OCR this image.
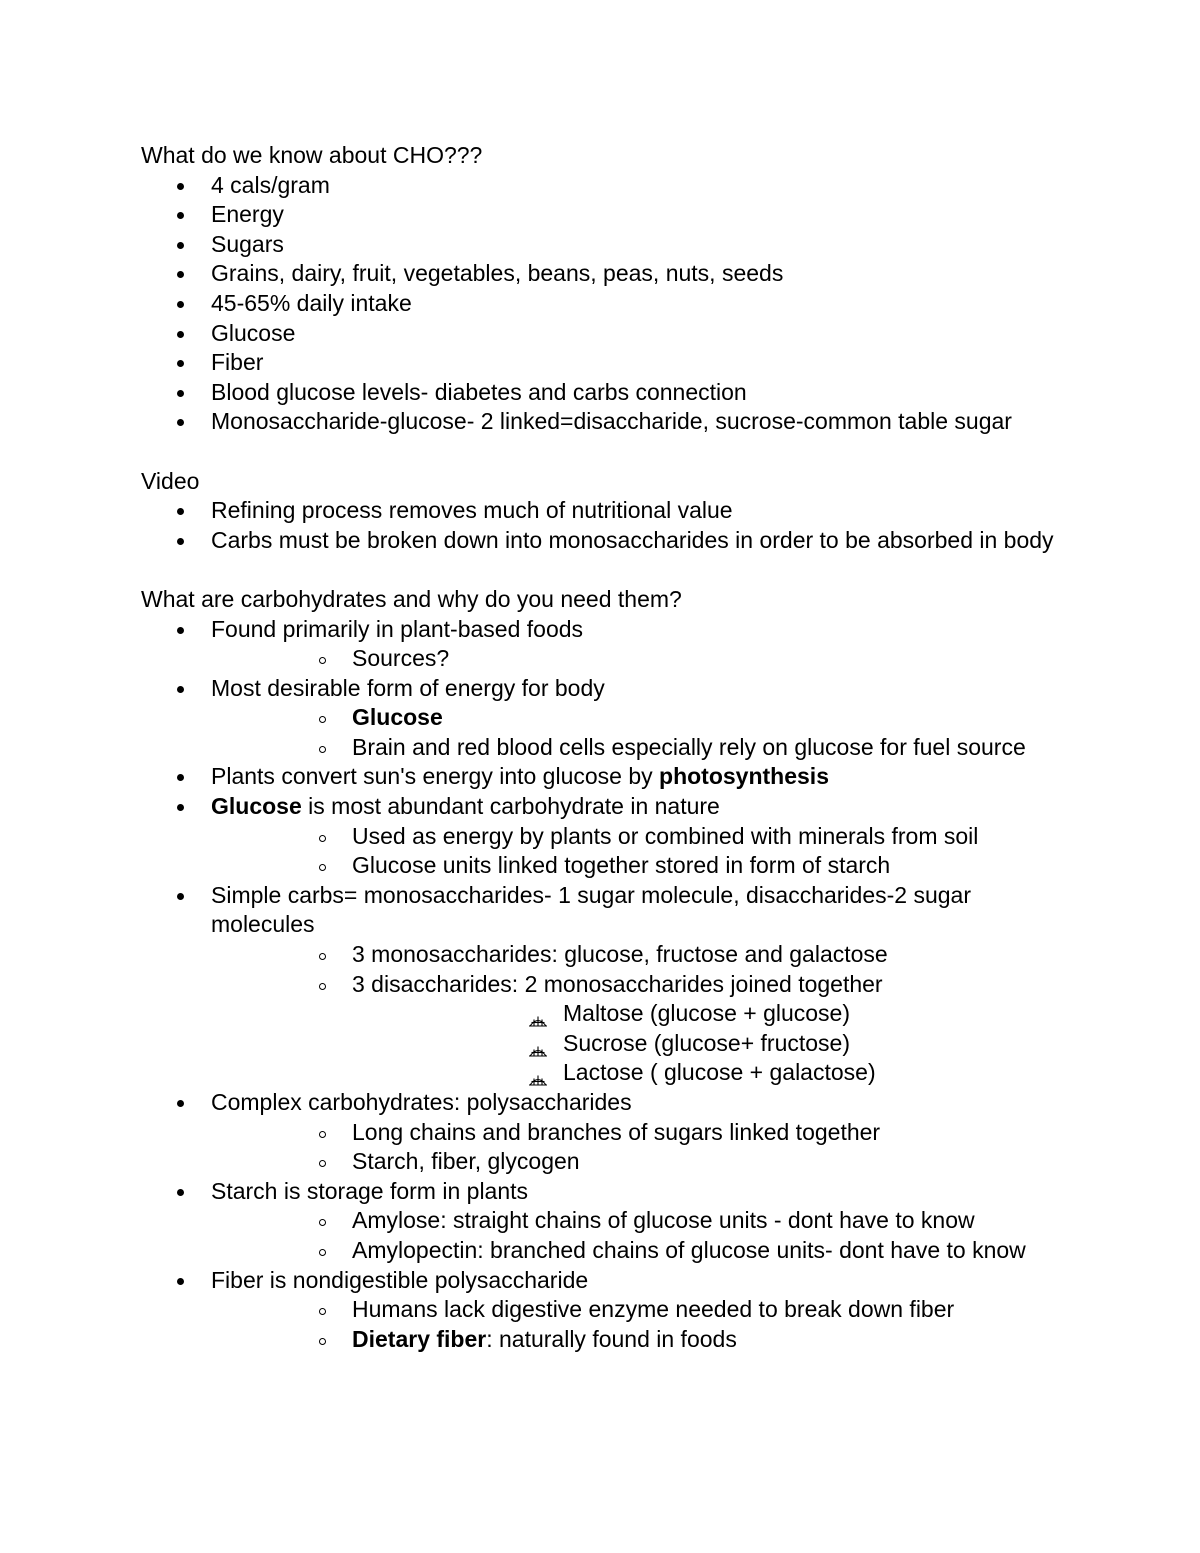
What do we know about CHO???
4 cals/gram
Energy
Sugars
Grains, dairy, fruit, vegetables, beans, peas, nuts, seeds
45-65% daily intake
Glucose
Fiber
Blood glucose levels- diabetes and carbs connection
Monosaccharide-glucose- 2 linked=disaccharide, sucrose-common table sugar
Video
Refining process removes much of nutritional value
Carbs must be broken down into monosaccharides in order to be absorbed in body
What are carbohydrates and why do you need them?
Found primarily in plant-based foods
Sources?
Most desirable form of energy for body
Glucose
Brain and red blood cells especially rely on glucose for fuel source
Plants convert sun's energy into glucose by photosynthesis
Glucose is most abundant carbohydrate in nature
Used as energy by plants or combined with minerals from soil
Glucose units linked together stored in form of starch
Simple carbs= monosaccharides- 1 sugar molecule, disaccharides-2 sugar molecules
3 monosaccharides: glucose, fructose and galactose
3 disaccharides: 2 monosaccharides joined together
Maltose (glucose + glucose)
Sucrose (glucose+ fructose)
Lactose ( glucose + galactose)
Complex carbohydrates: polysaccharides
Long chains and branches of sugars linked together
Starch, fiber, glycogen
Starch is storage form in plants
Amylose: straight chains of glucose units - dont have to know
Amylopectin: branched chains of glucose units- dont have to know
Fiber is nondigestible polysaccharide
Humans lack digestive enzyme needed to break down fiber
Dietary fiber: naturally found in foods
